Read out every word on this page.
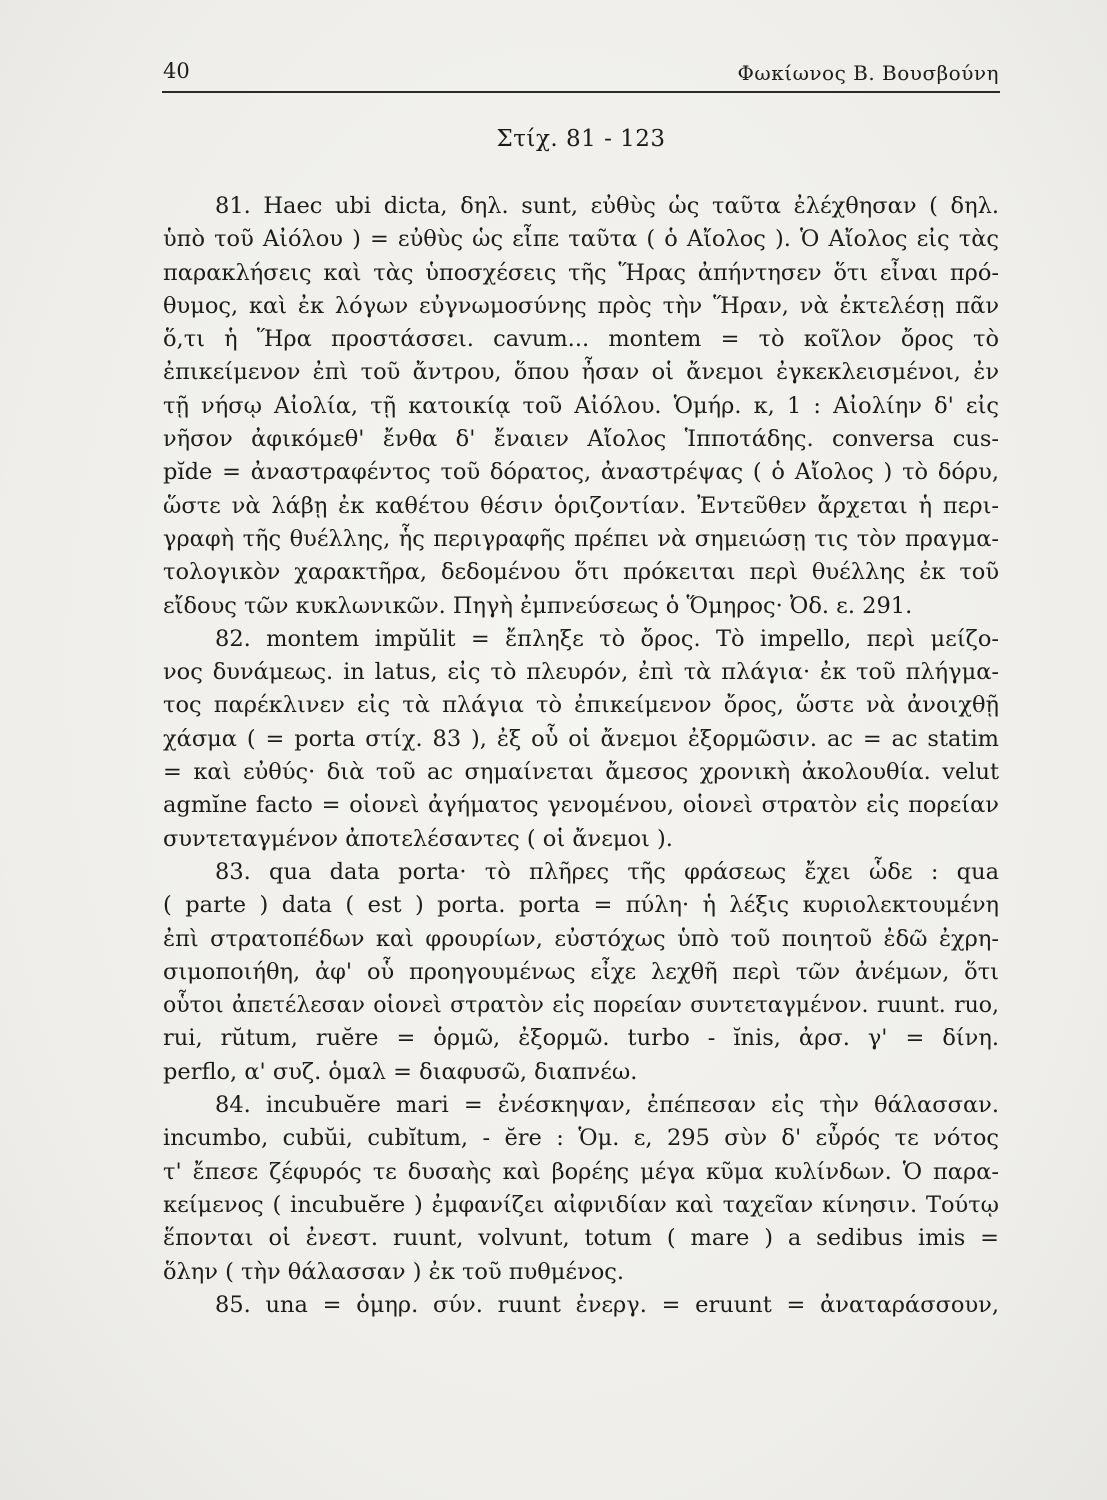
40	Φωκίωνος Β. Βουσβούνη
Στίχ. 81 - 123
81. Haec ubi dicta, δηλ. sunt, εὐθὺς ὡς ταῦτα ἐλέχθησαν ( δηλ.
ὑπὸ τοῦ Αἰόλου ) = εὐθὺς ὡς εἶπε ταῦτα ( ὁ Αἴολος ). Ὁ Αἴολος εἰς τὰς
παρακλήσεις καὶ τὰς ὑποσχέσεις τῆς Ἥρας ἀπήντησεν ὅτι εἶναι πρό-
θυμος, καὶ ἐκ λόγων εὐγνωμοσύνης πρὸς τὴν Ἥραν, νὰ ἐκτελέσῃ πᾶν
ὅ,τι ἡ Ἥρα προστάσσει. cavum... montem = τὸ κοῖλον ὄρος τὸ
ἐπικείμενον ἐπὶ τοῦ ἄντρου, ὅπου ἦσαν οἱ ἄνεμοι ἐγκεκλεισμένοι, ἐν
τῇ νήσῳ Αἰολία, τῇ κατοικίᾳ τοῦ Αἰόλου. Ὁμήρ. κ, 1 : Αἰολίην δ' εἰς
νῆσον ἀφικόμεθ' ἔνθα δ' ἔναιεν Αἴολος Ἱπποτάδης. conversa cus-
pĭde = ἀναστραφέντος τοῦ δόρατος, ἀναστρέψας ( ὁ Αἴολος ) τὸ δόρυ,
ὥστε νὰ λάβῃ ἐκ καθέτου θέσιν ὁριζοντίαν. Ἐντεῦθεν ἄρχεται ἡ περι-
γραφὴ τῆς θυέλλης, ἧς περιγραφῆς πρέπει νὰ σημειώσῃ τις τὸν πραγμα-
τολογικὸν χαρακτῆρα, δεδομένου ὅτι πρόκειται περὶ θυέλλης ἐκ τοῦ
εἴδους τῶν κυκλωνικῶν. Πηγὴ ἐμπνεύσεως ὁ Ὅμηρος· Ὀδ. ε. 291.
82. montem impŭlit = ἔπληξε τὸ ὄρος. Τὸ impello, περὶ μείζο-
νος δυνάμεως. in latus, εἰς τὸ πλευρόν, ἐπὶ τὰ πλάγια· ἐκ τοῦ πλήγμα-
τος παρέκλινεν εἰς τὰ πλάγια τὸ ἐπικείμενον ὄρος, ὥστε νὰ ἀνοιχθῇ
χάσμα ( = porta στίχ. 83 ), ἐξ οὗ οἱ ἄνεμοι ἐξορμῶσιν. ac = ac statim
= καὶ εὐθύς· διὰ τοῦ ac σημαίνεται ἄμεσος χρονικὴ ἀκολουθία. velut
agmĭne facto = οἱονεὶ ἀγήματος γενομένου, οἱονεὶ στρατὸν εἰς πορείαν
συντεταγμένον ἀποτελέσαντες ( οἱ ἄνεμοι ).
83. qua data porta· τὸ πλῆρες τῆς φράσεως ἔχει ὧδε : qua
( parte ) data ( est ) porta. porta = πύλη· ἡ λέξις κυριολεκτουμένη
ἐπὶ στρατοπέδων καὶ φρουρίων, εὐστόχως ὑπὸ τοῦ ποιητοῦ ἐδῶ ἐχρη-
σιμοποιήθη, ἀφ' οὗ προηγουμένως εἶχε λεχθῆ περὶ τῶν ἀνέμων, ὅτι
οὗτοι ἀπετέλεσαν οἱονεὶ στρατὸν εἰς πορείαν συντεταγμένον. ruunt. ruo,
rui, rŭtum, ruĕre = ὁρμῶ, ἐξορμῶ. turbo - ĭnis, ἀρσ. γ' = δίνη.
perflo, α' συζ. ὁμαλ = διαφυσῶ, διαπνέω.
84. incubuĕre mari = ἐνέσκηψαν, ἐπέπεσαν εἰς τὴν θάλασσαν.
incumbo, cubŭi, cubĭtum, - ĕre : Ὁμ. ε, 295 σὺν δ' εὖρός τε νότος
τ' ἔπεσε ζέφυρός τε δυσαὴς καὶ βορέης μέγα κῦμα κυλίνδων. Ὁ παρα-
κείμενος ( incubuĕre ) ἐμφανίζει αἰφνιδίαν καὶ ταχεῖαν κίνησιν. Τούτῳ
ἕπονται οἱ ἐνεστ. ruunt, volvunt, totum ( mare ) a sedibus imis =
ὅλην ( τὴν θάλασσαν ) ἐκ τοῦ πυθμένος.
85. una = ὁμηρ. σύν. ruunt ἐνεργ. = eruunt = ἀναταράσσουν,
